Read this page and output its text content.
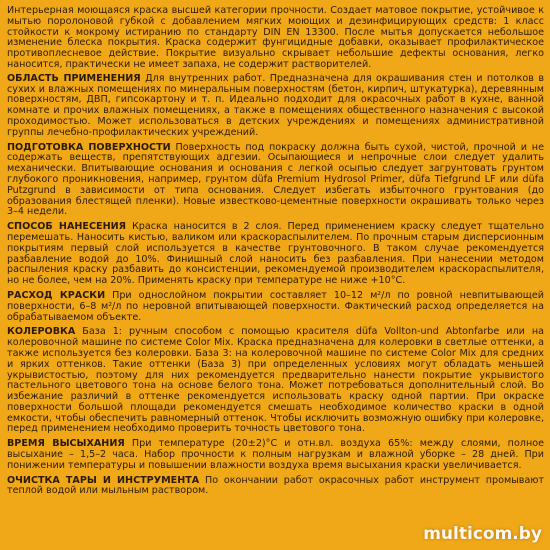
Интерьерная моющаяся краска высшей категории прочности. Создает матовое покрытие, устойчивое к мытью поролоновой губкой с добавлением мягких моющих и дезинфицирующих средств: 1 класс стойкости к мокрому истиранию по стандарту DIN EN 13300. После мытья допускается небольшое изменение блеска покрытия. Краска содержит фунгицидные добавки, оказывает профилактическое противоплесневое действие. Покрытие визуально скрывает небольшие дефекты основания, легко наносится, практически не имеет запаха, не содержит растворителей.

ОБЛАСТЬ ПРИМЕНЕНИЯ Для внутренних работ. Предназначена для окрашивания стен и потолков в сухих и влажных помещениях по минеральным поверхностям (бетон, кирпич, штукатурка), деревянным поверхностям, ДВП, гипсокартону и т. п. Идеально подходит для окрасочных работ в кухне, ванной комнате и прочих влажных помещениях, а также в помещениях общественного назначения с высокой проходимостью. Может использоваться в детских учреждениях и помещениях административной группы лечебно-профилактических учреждений.

ПОДГОТОВКА ПОВЕРХНОСТИ Поверхность под покраску должна быть сухой, чистой, прочной и не содержать веществ, препятствующих адгезии. Осыпающиеся и непрочные слои следует удалить механически. Впитывающие основания и основания с легкой осыпью следует загрунтовать грунтом глубокого проникновения, например, грунтом düfa Premium Hydrosol Primer, düfa Tiefgrund LF или düfa Putzgrund в зависимости от типа основания. Следует избегать избыточного грунтования (до образования блестящей пленки). Новые известково-цементные поверхности окрашивать только через 3–4 недели.

СПОСОБ НАНЕСЕНИЯ Краска наносится в 2 слоя. Перед применением краску следует тщательно перемешать. Наносить кистью, валиком или краскораспылителем. По прочным старым дисперсионным покрытиям первый слой используется в качестве грунтовочного. В таком случае рекомендуется разбавление водой до 10%. Финишный слой наносить без разбавления. При нанесении методом распыления краску разбавить до консистенции, рекомендуемой производителем краскораспылителя, но не более, чем на 20%. Применять краску при температуре не ниже +10°С.

РАСХОД КРАСКИ При однослойном покрытии составляет 10–12 м²/л по ровной невпитывающей поверхности, 6–8 м²/л по неровной впитывающей поверхности. Фактический расход определяется на обрабатываемом объекте.

КОЛЕРОВКА База 1: ручным способом с помощью красителя düfa Vollton-und Abtonfarbe или на колеровочной машине по системе Color Mix. Краска предназначена для колеровки в светлые оттенки, а также используется без колеровки. База 3: на колеровочной машине по системе Color Mix для средних и ярких оттенков. Такие оттенки (База 3) при определенных условиях могут обладать меньшей укрывистостью, поэтому для них рекомендуется предварительно нанести покрытие укрывистого пастельного цветового тона на основе белого тона. Может потребоваться дополнительный слой. Во избежание различий в оттенке рекомендуется использовать краску одной партии. При окраске поверхности большой площади рекомендуется смешать необходимое количество краски в одной емкости, чтобы обеспечить равномерный оттенок. Чтобы исключить возможную ошибку при колеровке, перед применением необходимо проверить точность цветового тона.

ВРЕМЯ ВЫСЫХАНИЯ При температуре (20±2)°С и отн.вл. воздуха 65%: между слоями, полное высыхание – 1,5–2 часа. Набор прочности к полным нагрузкам и влажной уборке – 28 дней. При понижении температуры и повышении влажности воздуха время высыхания краски увеличивается.

ОЧИСТКА ТАРЫ И ИНСТРУМЕНТА По окончании работ окрасочных работ инструмент промывают теплой водой или мыльным раствором.

multicom.by
